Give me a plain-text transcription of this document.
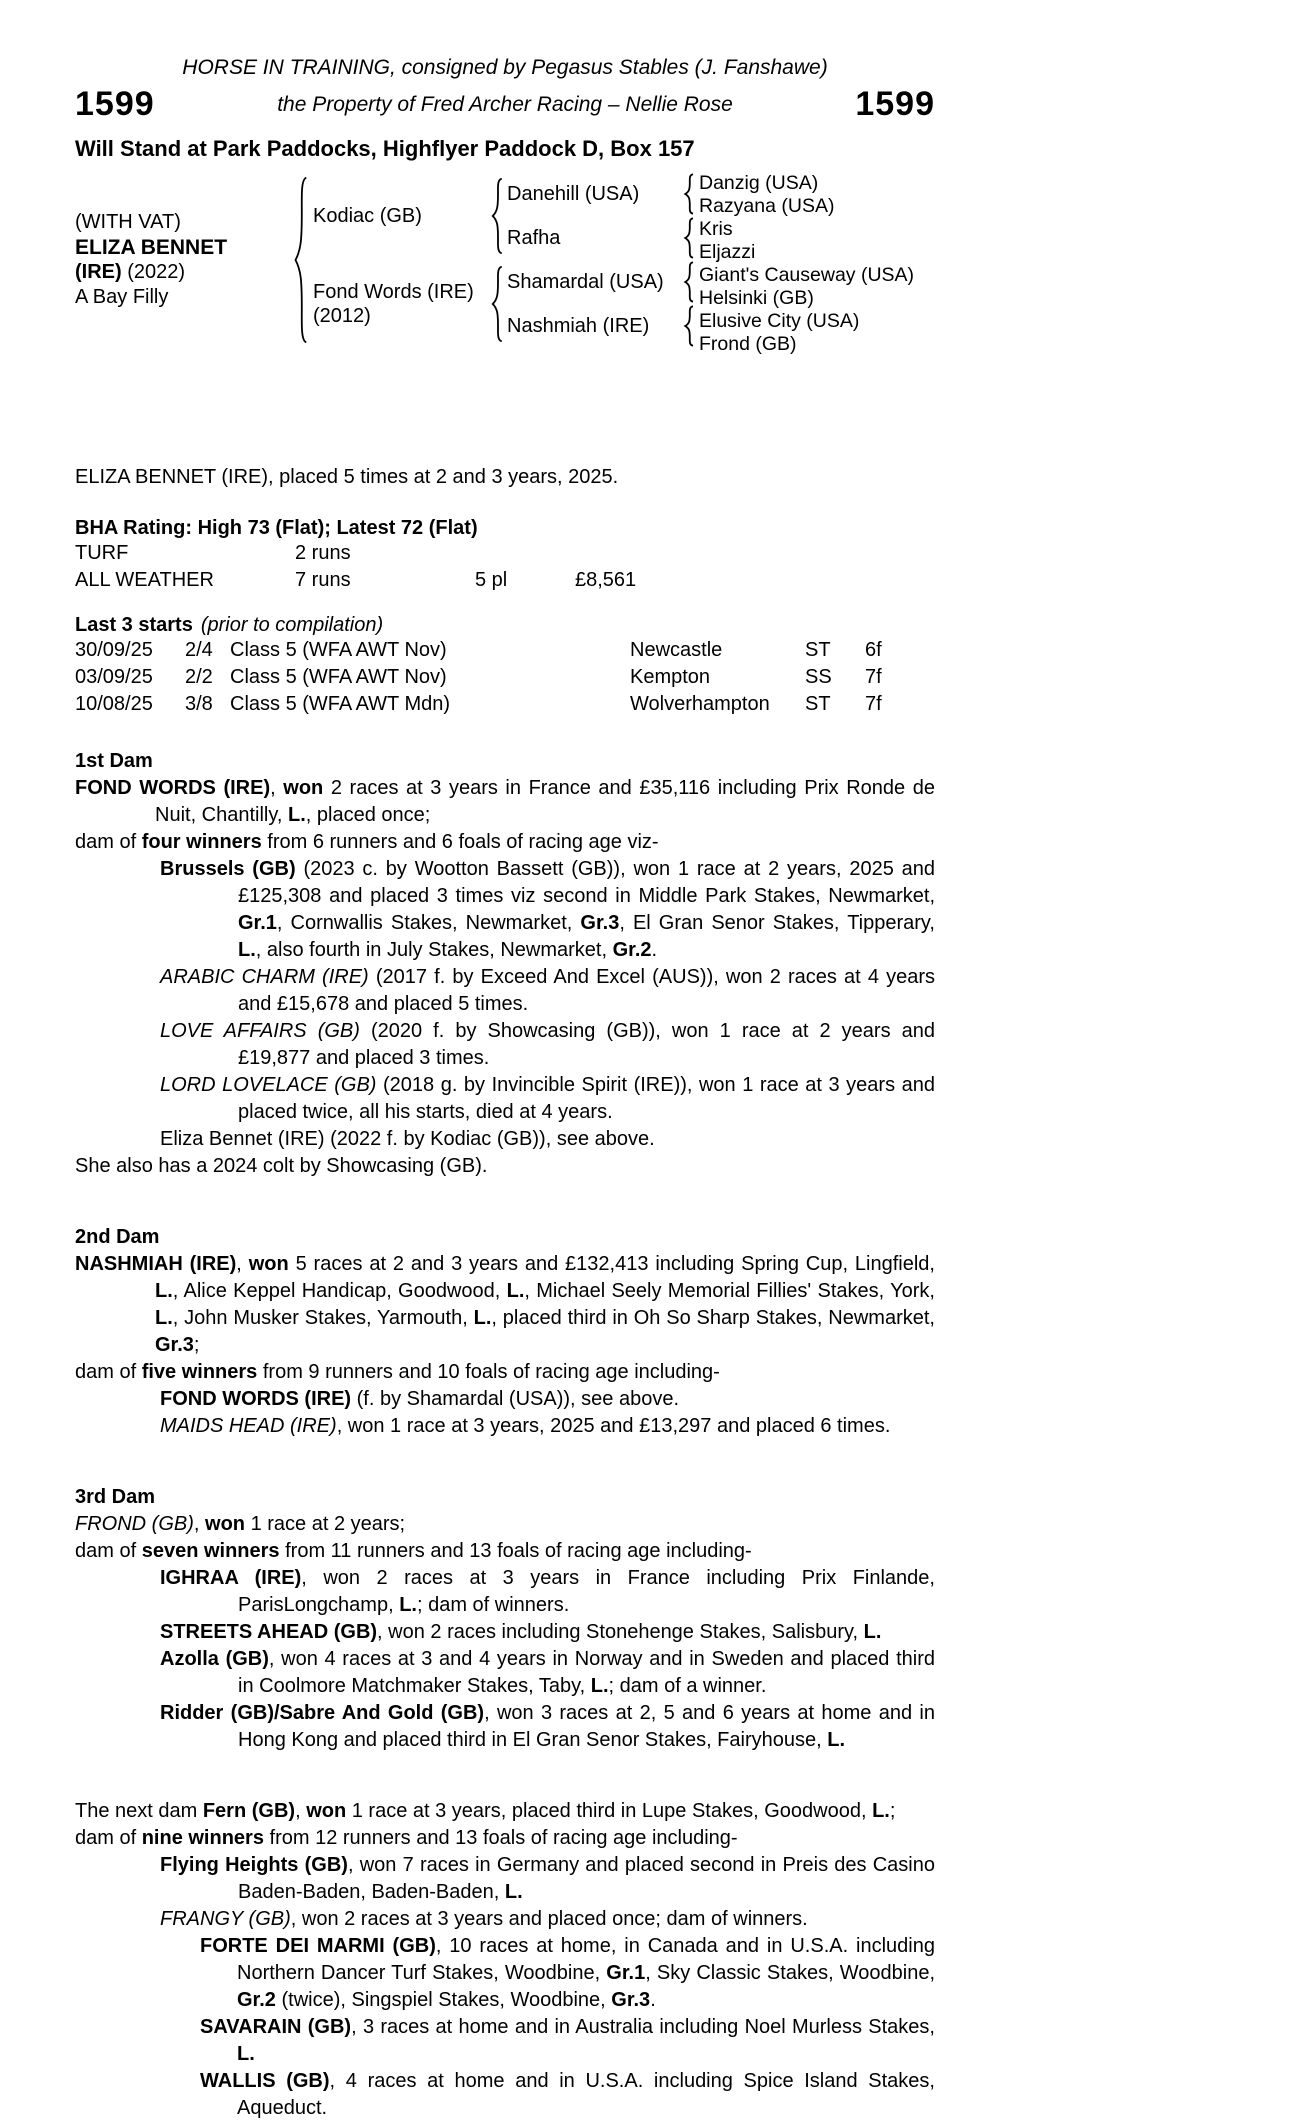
HORSE IN TRAINING, consigned by Pegasus Stables (J. Fanshawe)
1599	the Property of Fred Archer Racing – Nellie Rose	1599
Will Stand at Park Paddocks, Highflyer Paddock D, Box 157
(WITH VAT)
ELIZA BENNET
(IRE) (2022)
A Bay Filly
Kodiac (GB)
Fond Words (IRE)
(2012)
Danehill (USA)
Rafha
Shamardal (USA)
Nashmiah (IRE)
Danzig (USA)
Razyana (USA)
Kris
Eljazzi
Giant's Causeway (USA)
Helsinki (GB)
Elusive City (USA)
Frond (GB)
ELIZA BENNET (IRE), placed 5 times at 2 and 3 years, 2025.
BHA Rating: High 73 (Flat); Latest 72 (Flat)
TURF	2 runs
ALL WEATHER	7 runs	5 pl	£8,561
Last 3 starts (prior to compilation)
30/09/25 2/4 Class 5 (WFA AWT Nov)	Newcastle	ST 6f
03/09/25 2/2 Class 5 (WFA AWT Nov)	Kempton	SS 7f
10/08/25 3/8 Class 5 (WFA AWT Mdn)	Wolverhampton ST 7f
1st Dam
FOND WORDS (IRE), won 2 races at 3 years in France and £35,116 including Prix Ronde de Nuit, Chantilly, L., placed once;
dam of four winners from 6 runners and 6 foals of racing age viz-
Brussels (GB) (2023 c. by Wootton Bassett (GB)), won 1 race at 2 years, 2025 and £125,308 and placed 3 times viz second in Middle Park Stakes, Newmarket, Gr.1, Cornwallis Stakes, Newmarket, Gr.3, El Gran Senor Stakes, Tipperary, L., also fourth in July Stakes, Newmarket, Gr.2.
ARABIC CHARM (IRE) (2017 f. by Exceed And Excel (AUS)), won 2 races at 4 years and £15,678 and placed 5 times.
LOVE AFFAIRS (GB) (2020 f. by Showcasing (GB)), won 1 race at 2 years and £19,877 and placed 3 times.
LORD LOVELACE (GB) (2018 g. by Invincible Spirit (IRE)), won 1 race at 3 years and placed twice, all his starts, died at 4 years.
Eliza Bennet (IRE) (2022 f. by Kodiac (GB)), see above.
She also has a 2024 colt by Showcasing (GB).
2nd Dam
NASHMIAH (IRE), won 5 races at 2 and 3 years and £132,413 including Spring Cup, Lingfield, L., Alice Keppel Handicap, Goodwood, L., Michael Seely Memorial Fillies' Stakes, York, L., John Musker Stakes, Yarmouth, L., placed third in Oh So Sharp Stakes, Newmarket, Gr.3;
dam of five winners from 9 runners and 10 foals of racing age including-
FOND WORDS (IRE) (f. by Shamardal (USA)), see above.
MAIDS HEAD (IRE), won 1 race at 3 years, 2025 and £13,297 and placed 6 times.
3rd Dam
FROND (GB), won 1 race at 2 years;
dam of seven winners from 11 runners and 13 foals of racing age including-
IGHRAA (IRE), won 2 races at 3 years in France including Prix Finlande, ParisLongchamp, L.; dam of winners.
STREETS AHEAD (GB), won 2 races including Stonehenge Stakes, Salisbury, L.
Azolla (GB), won 4 races at 3 and 4 years in Norway and in Sweden and placed third in Coolmore Matchmaker Stakes, Taby, L.; dam of a winner.
Ridder (GB)/Sabre And Gold (GB), won 3 races at 2, 5 and 6 years at home and in Hong Kong and placed third in El Gran Senor Stakes, Fairyhouse, L.
The next dam Fern (GB), won 1 race at 3 years, placed third in Lupe Stakes, Goodwood, L.;
dam of nine winners from 12 runners and 13 foals of racing age including-
Flying Heights (GB), won 7 races in Germany and placed second in Preis des Casino Baden-Baden, Baden-Baden, L.
FRANGY (GB), won 2 races at 3 years and placed once; dam of winners.
FORTE DEI MARMI (GB), 10 races at home, in Canada and in U.S.A. including Northern Dancer Turf Stakes, Woodbine, Gr.1, Sky Classic Stakes, Woodbine, Gr.2 (twice), Singspiel Stakes, Woodbine, Gr.3.
SAVARAIN (GB), 3 races at home and in Australia including Noel Murless Stakes, L.
WALLIS (GB), 4 races at home and in U.S.A. including Spice Island Stakes, Aqueduct.
